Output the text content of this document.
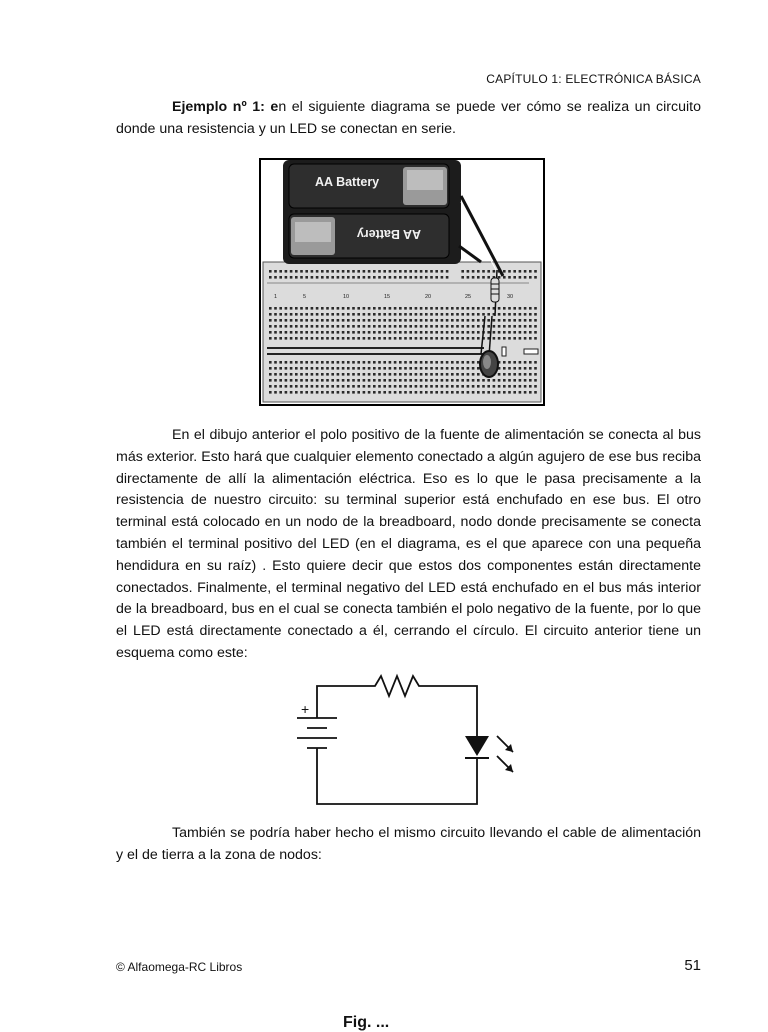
CAPÍTULO 1: ELECTRÓNICA BÁSICA

Ejemplo nº 1: en el siguiente diagrama se puede ver cómo se realiza un circuito donde una resistencia y un LED se conectan en serie.

1	5	10	15	20	25	30
AA Battery
AA Battery

En el dibujo anterior el polo positivo de la fuente de alimentación se conecta al bus más exterior. Esto hará que cualquier elemento conectado a algún agujero de ese bus reciba directamente de allí la alimentación eléctrica. Eso es lo que le pasa precisamente a la resistencia de nuestro circuito: su terminal superior está enchufado en ese bus. El otro terminal está colocado en un nodo de la breadboard, nodo donde precisamente se conecta también el terminal positivo del LED (en el diagrama, es el que aparece con una pequeña hendidura en su raíz) . Esto quiere decir que estos dos componentes están directamente conectados. Finalmente, el terminal negativo del LED está enchufado en el bus más interior de la breadboard, bus en el cual se conecta también el polo negativo de la fuente, por lo que el LED está directamente conectado a él, cerrando el círculo. El circuito anterior tiene un esquema como este:

+

También se podría haber hecho el mismo circuito llevando el cable de alimentación y el de tierra a la zona de nodos:

© Alfaomega-RC Libros	51
Fig. ...
